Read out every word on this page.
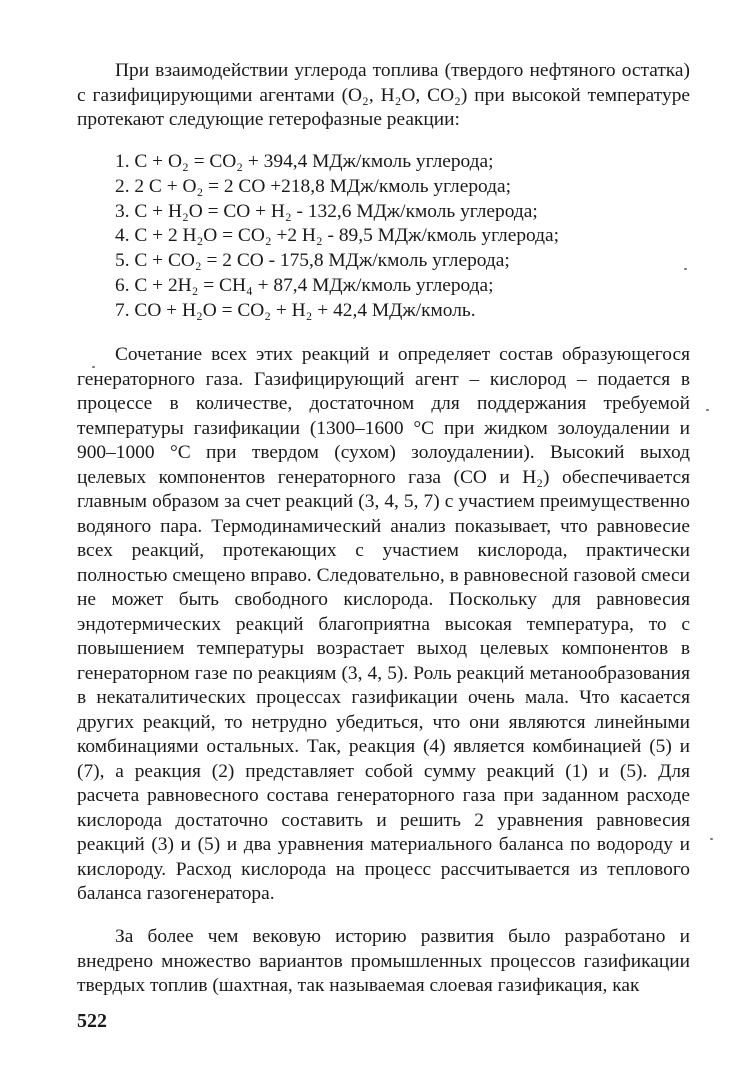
При взаимодействии углерода топлива (твердого нефтяного остатка) с газифицирующими агентами (O₂, H₂O, CO₂) при высокой температуре протекают следующие гетерофазные реакции:

1. C + O₂ = CO₂ + 394,4 МДж/кмоль углерода;
2. 2 C + O₂ = 2 CO +218,8 МДж/кмоль углерода;
3. C + H₂O = CO + H₂ - 132,6 МДж/кмоль углерода;
4. C + 2 H₂O = CO₂ +2 H₂ - 89,5 МДж/кмоль углерода;
5. C + CO₂ = 2 CO - 175,8 МДж/кмоль углерода;
6. C + 2H₂ = CH₄ + 87,4 МДж/кмоль углерода;
7. CO + H₂O = CO₂ + H₂ + 42,4 МДж/кмоль.

Сочетание всех этих реакций и определяет состав образующегося генераторного газа. Газифицирующий агент – кислород – подается в процессе в количестве, достаточном для поддержания требуемой температуры газификации (1300–1600 °С при жидком золоудалении и 900–1000 °С при твердом (сухом) золоудалении). Высокий выход целевых компонентов генераторного газа (CO и H₂) обеспечивается главным образом за счет реакций (3, 4, 5, 7) с участием преимущественно водяного пара. Термодинамический анализ показывает, что равновесие всех реакций, протекающих с участием кислорода, практически полностью смещено вправо. Следовательно, в равновесной газовой смеси не может быть свободного кислорода. Поскольку для равновесия эндотермических реакций благоприятна высокая температура, то с повышением температуры возрастает выход целевых компонентов в генераторном газе по реакциям (3, 4, 5). Роль реакций метанообразования в некаталитических процессах газификации очень мала. Что касается других реакций, то нетрудно убедиться, что они являются линейными комбинациями остальных. Так, реакция (4) является комбинацией (5) и (7), а реакция (2) представляет собой сумму реакций (1) и (5). Для расчета равновесного состава генераторного газа при заданном расходе кислорода достаточно составить и решить 2 уравнения равновесия реакций (3) и (5) и два уравнения материального баланса по водороду и кислороду. Расход кислорода на процесс рассчитывается из теплового баланса газогенератора.

За более чем вековую историю развития было разработано и внедрено множество вариантов промышленных процессов газификации твердых топлив (шахтная, так называемая слоевая газификация, как

522
